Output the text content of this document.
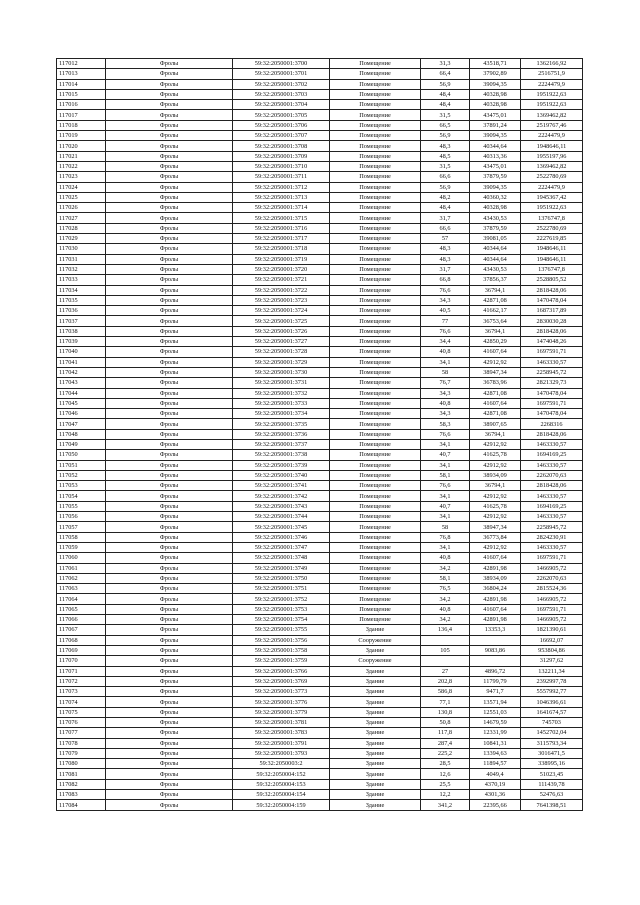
117012	Фролы	59:32:2050001:3700	Помещение	31,3	43518,71	1362166,92
117013	Фролы	59:32:2050001:3701	Помещение	66,4	37902,89	2516751,9
117014	Фролы	59:32:2050001:3702	Помещение	56,9	39094,35	2224479,9
117015	Фролы	59:32:2050001:3703	Помещение	48,4	40328,98	1951922,63
117016	Фролы	59:32:2050001:3704	Помещение	48,4	40328,98	1951922,63
117017	Фролы	59:32:2050001:3705	Помещение	31,5	43475,01	1369462,82
117018	Фролы	59:32:2050001:3706	Помещение	66,5	37891,24	2519767,46
117019	Фролы	59:32:2050001:3707	Помещение	56,9	39094,35	2224479,9
117020	Фролы	59:32:2050001:3708	Помещение	48,3	40344,64	1948646,11
117021	Фролы	59:32:2050001:3709	Помещение	48,5	40313,36	1955197,96
117022	Фролы	59:32:2050001:3710	Помещение	31,5	43475,01	1369462,82
117023	Фролы	59:32:2050001:3711	Помещение	66,6	37879,59	2522780,69
117024	Фролы	59:32:2050001:3712	Помещение	56,9	39094,35	2224479,9
117025	Фролы	59:32:2050001:3713	Помещение	48,2	40360,32	1945367,42
117026	Фролы	59:32:2050001:3714	Помещение	48,4	40328,98	1951922,63
117027	Фролы	59:32:2050001:3715	Помещение	31,7	43430,53	1376747,8
117028	Фролы	59:32:2050001:3716	Помещение	66,6	37879,59	2522780,69
117029	Фролы	59:32:2050001:3717	Помещение	57	39081,05	2227619,85
117030	Фролы	59:32:2050001:3718	Помещение	48,3	40344,64	1948646,11
117031	Фролы	59:32:2050001:3719	Помещение	48,3	40344,64	1948646,11
117032	Фролы	59:32:2050001:3720	Помещение	31,7	43430,53	1376747,8
117033	Фролы	59:32:2050001:3721	Помещение	66,8	37856,37	2528805,52
117034	Фролы	59:32:2050001:3722	Помещение	76,6	36794,1	2818428,06
117035	Фролы	59:32:2050001:3723	Помещение	34,3	42871,08	1470478,04
117036	Фролы	59:32:2050001:3724	Помещение	40,5	41662,17	1687317,89
117037	Фролы	59:32:2050001:3725	Помещение	77	36753,64	2830030,28
117038	Фролы	59:32:2050001:3726	Помещение	76,6	36794,1	2818428,06
117039	Фролы	59:32:2050001:3727	Помещение	34,4	42850,29	1474048,26
117040	Фролы	59:32:2050001:3728	Помещение	40,8	41607,64	1697591,71
117041	Фролы	59:32:2050001:3729	Помещение	34,1	42912,92	1463330,57
117042	Фролы	59:32:2050001:3730	Помещение	58	38947,34	2258945,72
117043	Фролы	59:32:2050001:3731	Помещение	76,7	36783,96	2821329,73
117044	Фролы	59:32:2050001:3732	Помещение	34,3	42871,08	1470478,04
117045	Фролы	59:32:2050001:3733	Помещение	40,8	41607,64	1697591,71
117046	Фролы	59:32:2050001:3734	Помещение	34,3	42871,08	1470478,04
117047	Фролы	59:32:2050001:3735	Помещение	58,3	38907,65	2268316
117048	Фролы	59:32:2050001:3736	Помещение	76,6	36794,1	2818428,06
117049	Фролы	59:32:2050001:3737	Помещение	34,1	42912,92	1463330,57
117050	Фролы	59:32:2050001:3738	Помещение	40,7	41625,78	1694169,25
117051	Фролы	59:32:2050001:3739	Помещение	34,1	42912,92	1463330,57
117052	Фролы	59:32:2050001:3740	Помещение	58,1	38934,09	2262070,63
117053	Фролы	59:32:2050001:3741	Помещение	76,6	36794,1	2818428,06
117054	Фролы	59:32:2050001:3742	Помещение	34,1	42912,92	1463330,57
117055	Фролы	59:32:2050001:3743	Помещение	40,7	41625,78	1694169,25
117056	Фролы	59:32:2050001:3744	Помещение	34,1	42912,92	1463330,57
117057	Фролы	59:32:2050001:3745	Помещение	58	38947,34	2258945,72
117058	Фролы	59:32:2050001:3746	Помещение	76,8	36773,84	2824230,91
117059	Фролы	59:32:2050001:3747	Помещение	34,1	42912,92	1463330,57
117060	Фролы	59:32:2050001:3748	Помещение	40,8	41607,64	1697591,71
117061	Фролы	59:32:2050001:3749	Помещение	34,2	42891,98	1466905,72
117062	Фролы	59:32:2050001:3750	Помещение	58,1	38934,09	2262070,63
117063	Фролы	59:32:2050001:3751	Помещение	76,5	36804,24	2815524,36
117064	Фролы	59:32:2050001:3752	Помещение	34,2	42891,98	1466905,72
117065	Фролы	59:32:2050001:3753	Помещение	40,8	41607,64	1697591,71
117066	Фролы	59:32:2050001:3754	Помещение	34,2	42891,98	1466905,72
117067	Фролы	59:32:2050001:3755	Здание	136,4	13353,3	1821390,61
117068	Фролы	59:32:2050001:3756	Сооружение			16692,07
117069	Фролы	59:32:2050001:3758	Здание	105	9083,86	953804,86
117070	Фролы	59:32:2050001:3759	Сооружение			31297,62
117071	Фролы	59:32:2050001:3766	Здание	27	4896,72	132211,34
117072	Фролы	59:32:2050001:3769	Здание	202,8	11799,79	2392997,78
117073	Фролы	59:32:2050001:3773	Здание	586,8	9471,7	5557992,77
117074	Фролы	59:32:2050001:3776	Здание	77,1	13571,94	1046396,61
117075	Фролы	59:32:2050001:3779	Здание	130,8	12551,03	1641674,57
117076	Фролы	59:32:2050001:3781	Здание	50,8	14679,59	745703
117077	Фролы	59:32:2050001:3783	Здание	117,8	12331,99	1452702,04
117078	Фролы	59:32:2050001:3791	Здание	287,4	10841,31	3115793,34
117079	Фролы	59:32:2050001:3793	Здание	225,2	13394,63	3016471,5
117080	Фролы	59:32:2050003:2	Здание	28,5	11894,57	338995,16
117081	Фролы	59:32:2050004:152	Здание	12,6	4049,4	51023,45
117082	Фролы	59:32:2050004:153	Здание	25,5	4370,19	111439,78
117083	Фролы	59:32:2050004:154	Здание	12,2	4301,36	52476,63
117084	Фролы	59:32:2050004:159	Здание	341,2	22395,66	7641398,51
